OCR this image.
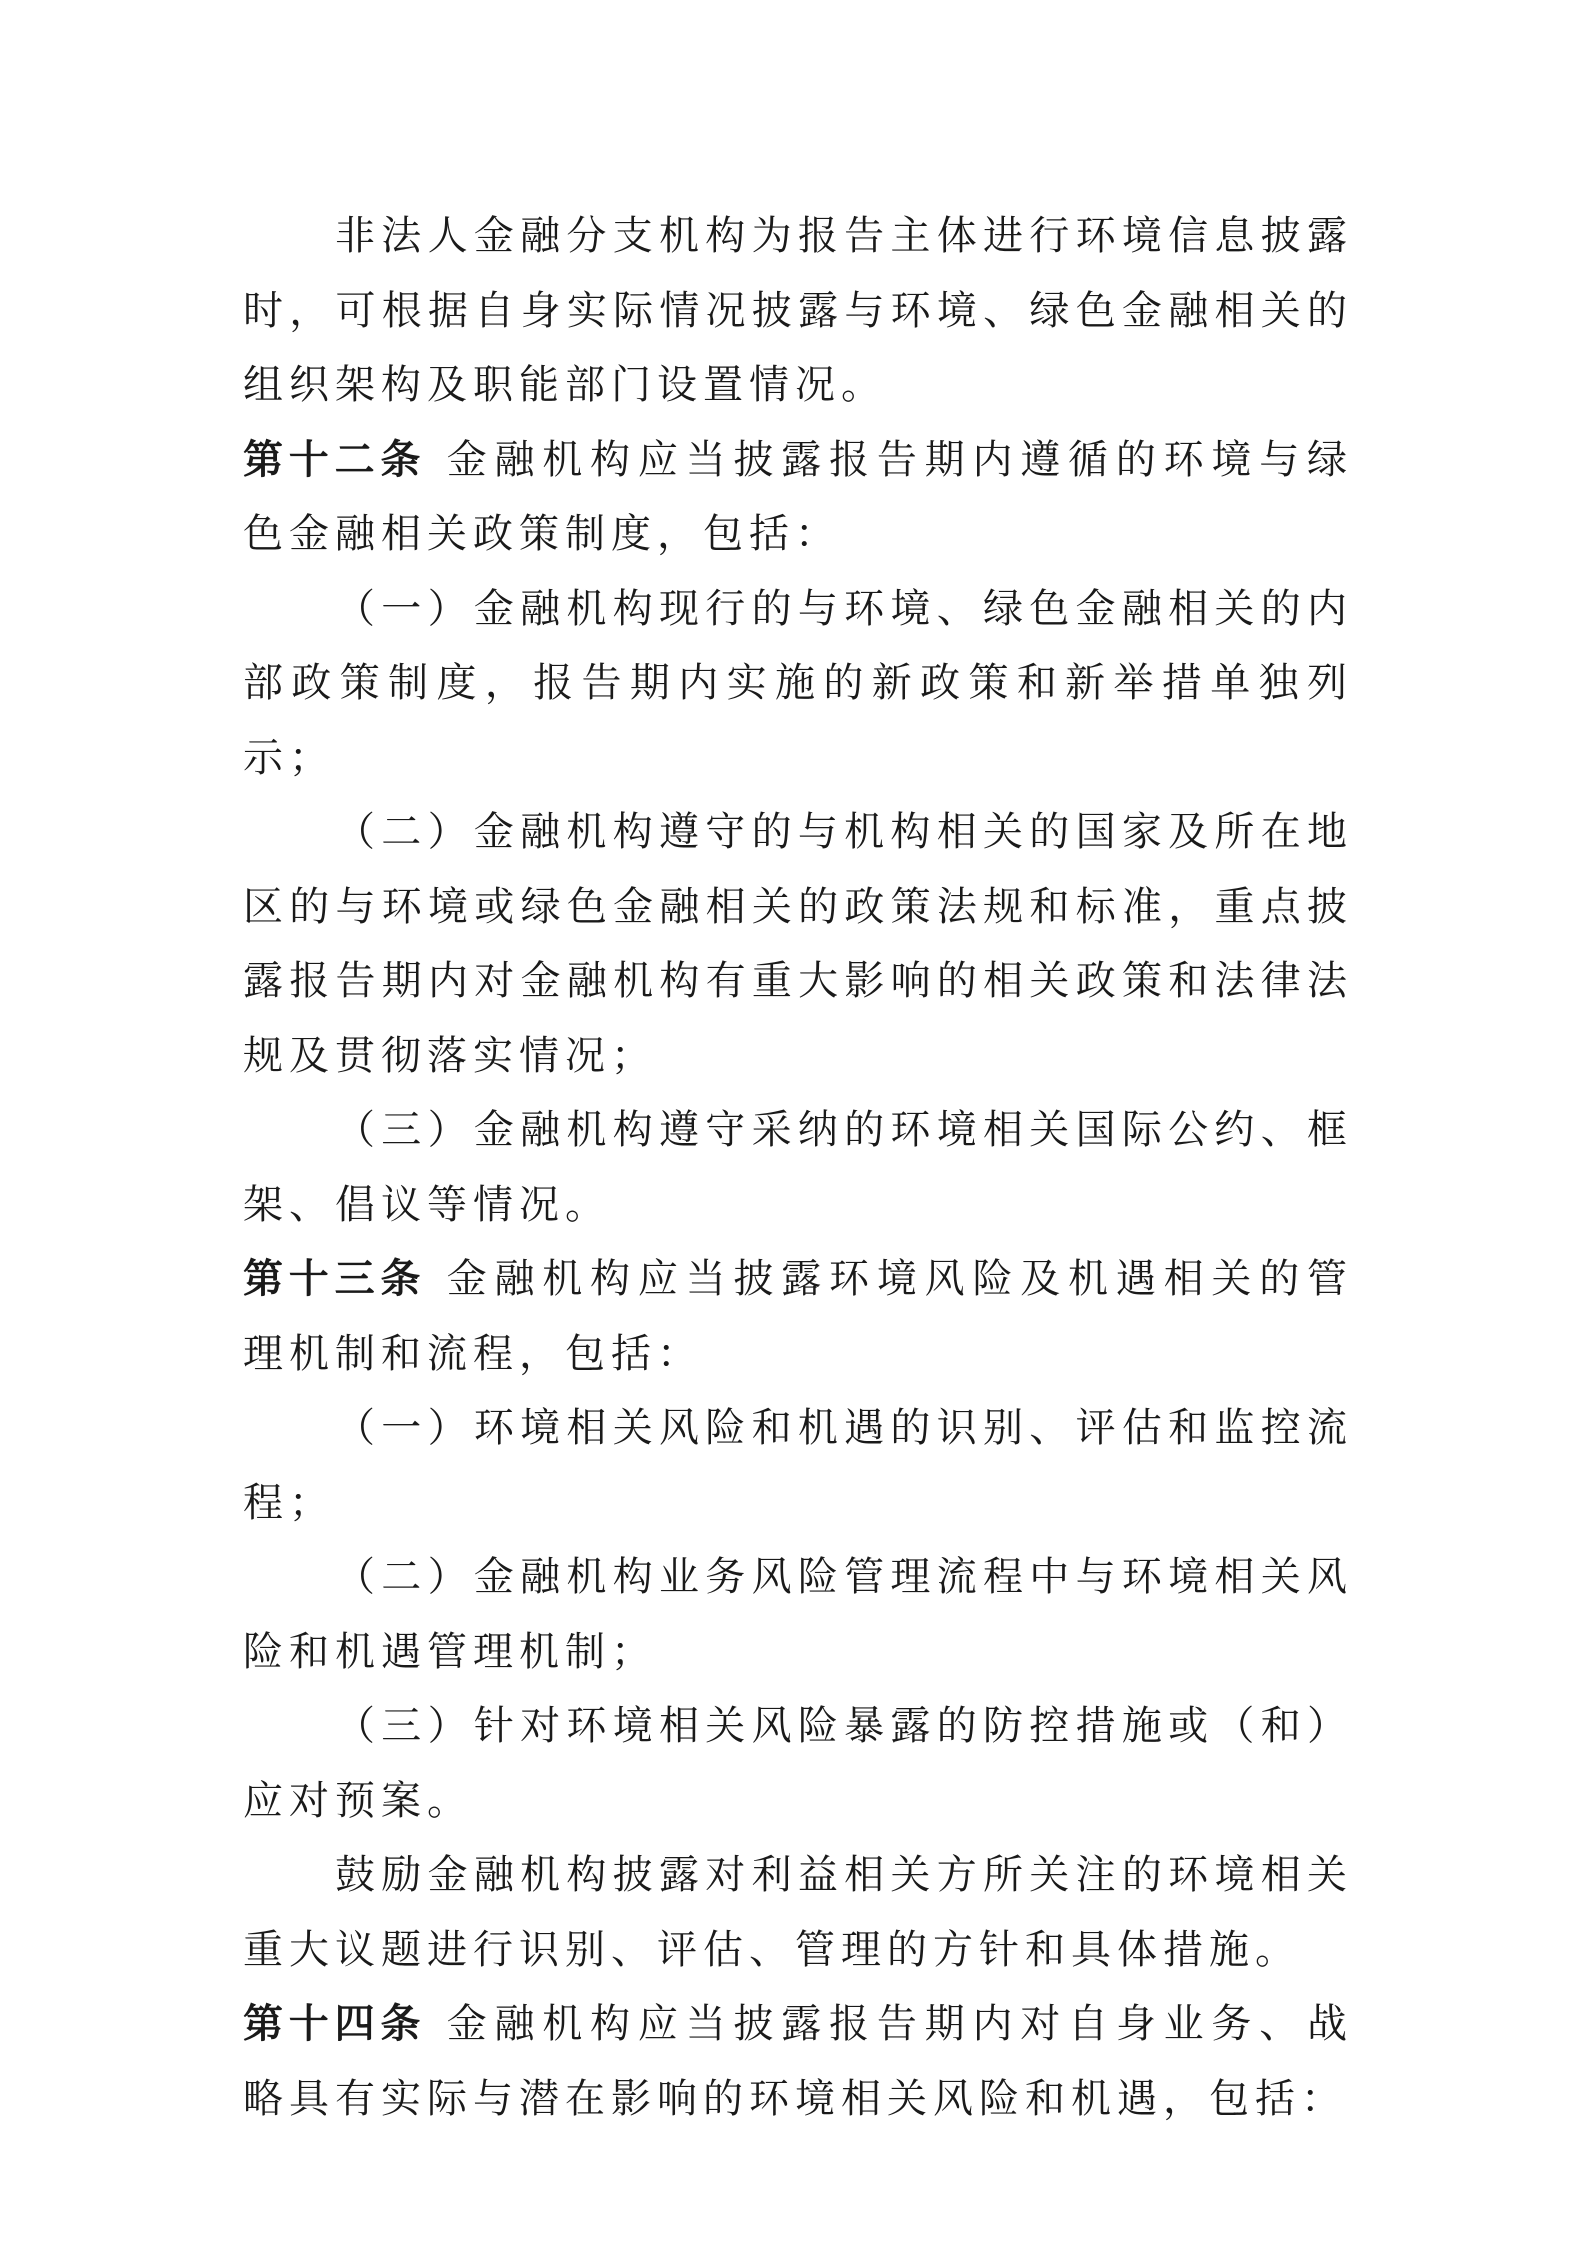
非法人金融分支机构为报告主体进行环境信息披露时，可根据自身实际情况披露与环境、绿色金融相关的组织架构及职能部门设置情况。

第十二条 金融机构应当披露报告期内遵循的环境与绿色金融相关政策制度，包括：

（一）金融机构现行的与环境、绿色金融相关的内部政策制度，报告期内实施的新政策和新举措单独列示；

（二）金融机构遵守的与机构相关的国家及所在地区的与环境或绿色金融相关的政策法规和标准，重点披露报告期内对金融机构有重大影响的相关政策和法律法规及贯彻落实情况；

（三）金融机构遵守采纳的环境相关国际公约、框架、倡议等情况。

第十三条 金融机构应当披露环境风险及机遇相关的管理机制和流程，包括：

（一）环境相关风险和机遇的识别、评估和监控流程；

（二）金融机构业务风险管理流程中与环境相关风险和机遇管理机制；

（三）针对环境相关风险暴露的防控措施或（和）应对预案。

鼓励金融机构披露对利益相关方所关注的环境相关重大议题进行识别、评估、管理的方针和具体措施。

第十四条 金融机构应当披露报告期内对自身业务、战略具有实际与潜在影响的环境相关风险和机遇，包括：
